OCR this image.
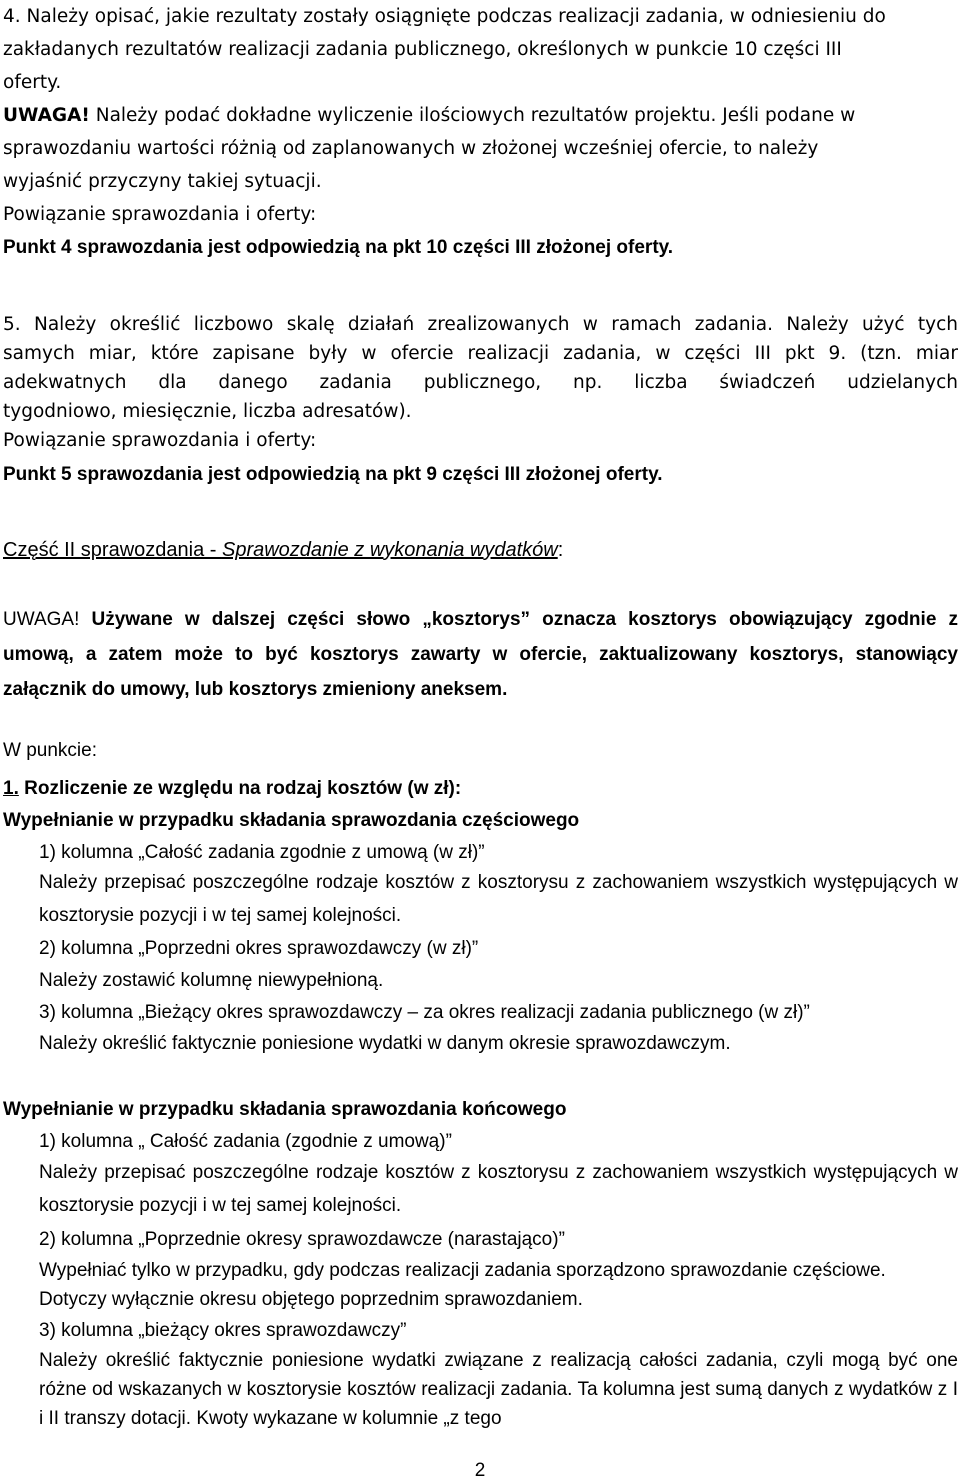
4. Należy opisać, jakie rezultaty zostały osiągnięte podczas realizacji zadania, w odniesieniu do
zakładanych rezultatów realizacji zadania publicznego, określonych w punkcie 10 części III
oferty.
UWAGA! Należy podać dokładne wyliczenie ilościowych rezultatów projektu. Jeśli podane w
sprawozdaniu wartości różnią od zaplanowanych w złożonej wcześniej ofercie, to należy
wyjaśnić przyczyny takiej sytuacji.
Powiązanie sprawozdania i oferty:
Punkt 4 sprawozdania jest odpowiedzią na pkt 10 części III złożonej oferty.
5. Należy określić liczbowo skalę działań zrealizowanych w ramach zadania. Należy użyć tych
samych miar, które zapisane były w ofercie realizacji zadania, w części III pkt 9. (tzn. miar
adekwatnych dla danego zadania publicznego, np. liczba świadczeń udzielanych
tygodniowo, miesięcznie, liczba adresatów).
Powiązanie sprawozdania i oferty:
Punkt 5 sprawozdania jest odpowiedzią na pkt 9 części III złożonej oferty.
Część II sprawozdania - Sprawozdanie z wykonania wydatków:
UWAGA! Używane w dalszej części słowo „kosztorys” oznacza kosztorys obowiązujący zgodnie z umową, a zatem może to być kosztorys zawarty w ofercie, zaktualizowany kosztorys, stanowiący załącznik do umowy, lub kosztorys zmieniony aneksem.
W punkcie:
1. Rozliczenie ze względu na rodzaj kosztów (w zł):
Wypełnianie w przypadku składania sprawozdania częściowego
1) kolumna „Całość zadania zgodnie z umową (w zł)”
Należy przepisać poszczególne rodzaje kosztów z kosztorysu z zachowaniem wszystkich występujących w kosztorysie pozycji i w tej samej kolejności.
2) kolumna „Poprzedni okres sprawozdawczy (w zł)”
Należy zostawić kolumnę niewypełnioną.
3) kolumna „Bieżący okres sprawozdawczy – za okres realizacji zadania publicznego (w zł)”
Należy określić faktycznie poniesione wydatki w danym okresie sprawozdawczym.
Wypełnianie w przypadku składania sprawozdania końcowego
1) kolumna „ Całość zadania (zgodnie z umową)”
Należy przepisać poszczególne rodzaje kosztów z kosztorysu z zachowaniem wszystkich występujących w kosztorysie pozycji i w tej samej kolejności.
2) kolumna „Poprzednie okresy sprawozdawcze (narastająco)”
Wypełniać tylko w przypadku, gdy podczas realizacji zadania sporządzono sprawozdanie częściowe. Dotyczy wyłącznie okresu objętego poprzednim sprawozdaniem.
3) kolumna „bieżący okres sprawozdawczy”
Należy określić faktycznie poniesione wydatki związane z realizacją całości zadania, czyli mogą być one różne od wskazanych w kosztorysie kosztów realizacji zadania. Ta kolumna jest sumą danych z wydatków z I i II transzy dotacji. Kwoty wykazane w kolumnie „z tego
2
